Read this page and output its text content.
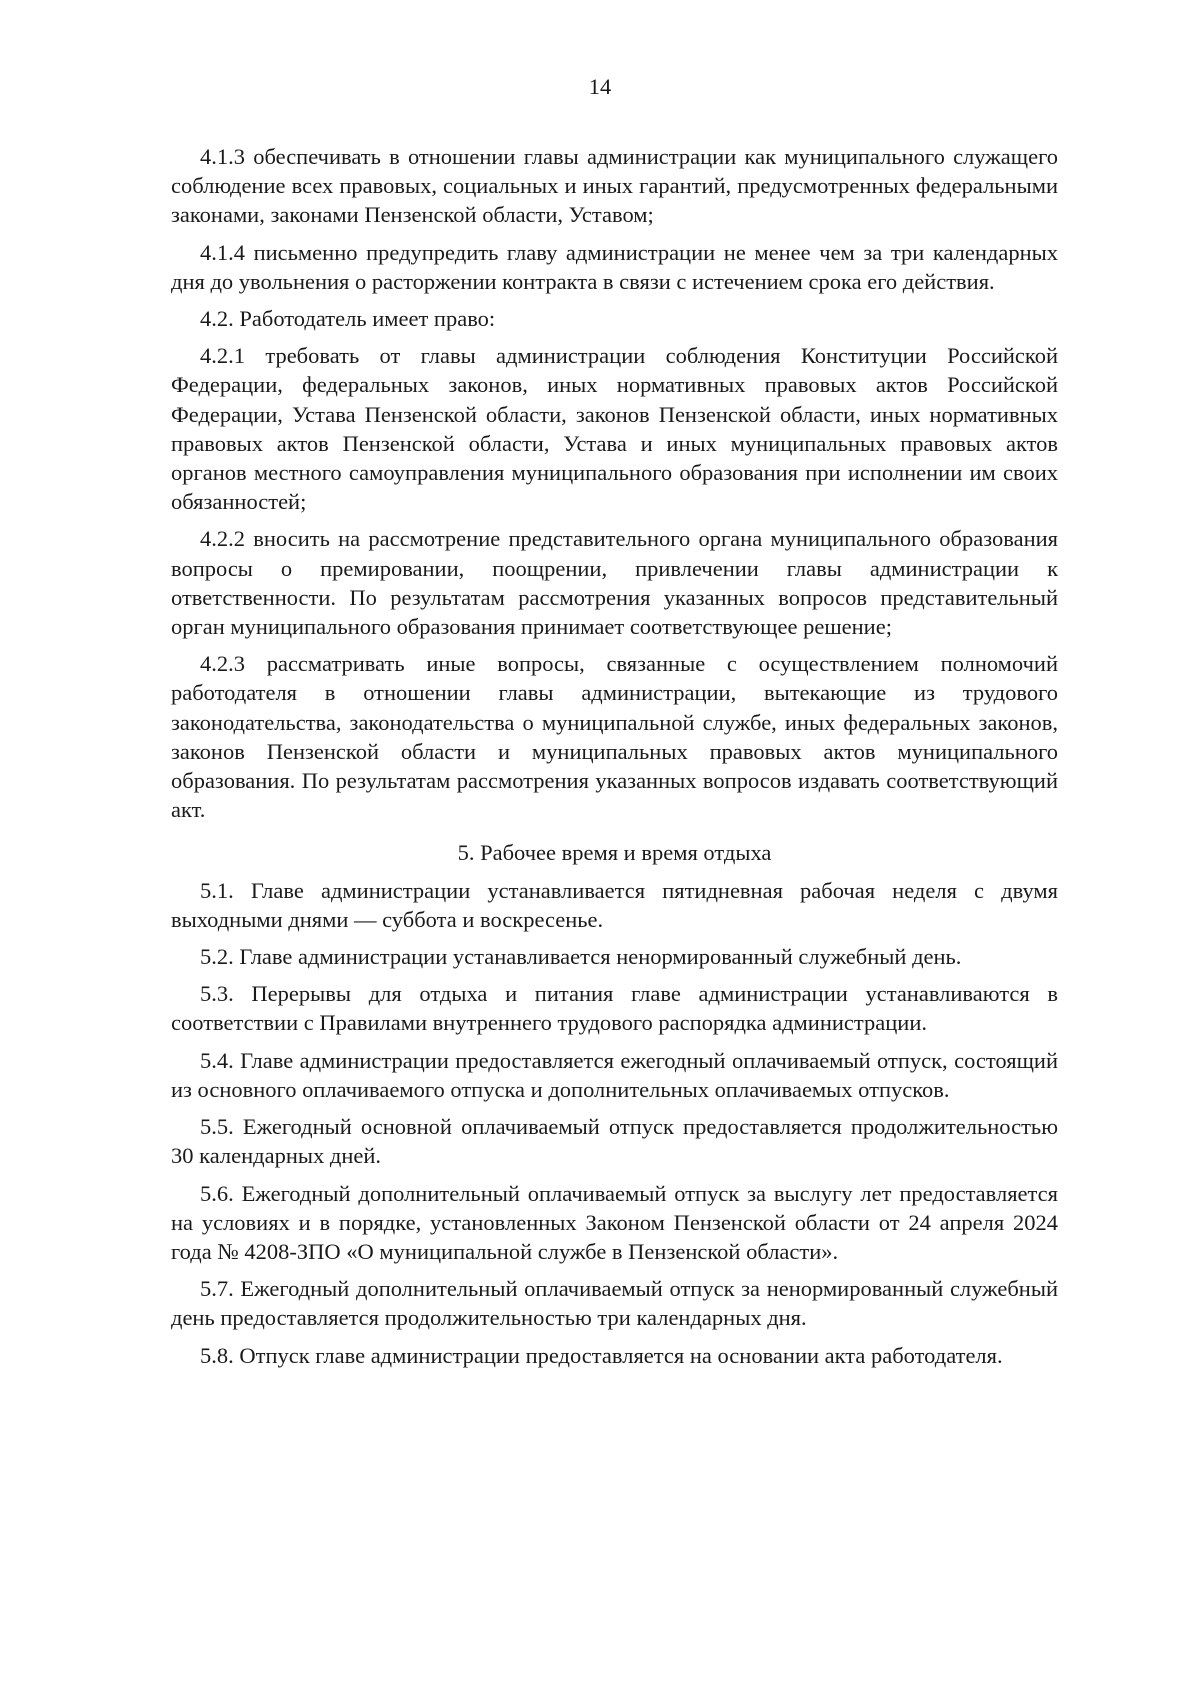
14

4.1.3 обеспечивать в отношении главы администрации как муниципального служащего соблюдение всех правовых, социальных и иных гарантий, предусмотренных федеральными законами, законами Пензенской области, Уставом;

4.1.4 письменно предупредить главу администрации не менее чем за три календарных дня до увольнения о расторжении контракта в связи с истечением срока его действия.

4.2. Работодатель имеет право:

4.2.1 требовать от главы администрации соблюдения Конституции Российской Федерации, федеральных законов, иных нормативных правовых актов Российской Федерации, Устава Пензенской области, законов Пензенской области, иных нормативных правовых актов Пензенской области, Устава и иных муниципальных правовых актов органов местного самоуправления муниципального образования при исполнении им своих обязанностей;

4.2.2 вносить на рассмотрение представительного органа муниципального образования вопросы о премировании, поощрении, привлечении главы администрации к ответственности. По результатам рассмотрения указанных вопросов представительный орган муниципального образования принимает соответствующее решение;

4.2.3 рассматривать иные вопросы, связанные с осуществлением полномочий работодателя в отношении главы администрации, вытекающие из трудового законодательства, законодательства о муниципальной службе, иных федеральных законов, законов Пензенской области и муниципальных правовых актов муниципального образования. По результатам рассмотрения указанных вопросов издавать соответствующий акт.

5. Рабочее время и время отдыха

5.1. Главе администрации устанавливается пятидневная рабочая неделя с двумя выходными днями — суббота и воскресенье.

5.2. Главе администрации устанавливается ненормированный служебный день.

5.3. Перерывы для отдыха и питания главе администрации устанавливаются в соответствии с Правилами внутреннего трудового распорядка администрации.

5.4. Главе администрации предоставляется ежегодный оплачиваемый отпуск, состоящий из основного оплачиваемого отпуска и дополнительных оплачиваемых отпусков.

5.5. Ежегодный основной оплачиваемый отпуск предоставляется продолжительностью 30 календарных дней.

5.6. Ежегодный дополнительный оплачиваемый отпуск за выслугу лет предоставляется на условиях и в порядке, установленных Законом Пензенской области от 24 апреля 2024 года № 4208-ЗПО «О муниципальной службе в Пензенской области».

5.7. Ежегодный дополнительный оплачиваемый отпуск за ненормированный служебный день предоставляется продолжительностью три календарных дня.

5.8. Отпуск главе администрации предоставляется на основании акта работодателя.
